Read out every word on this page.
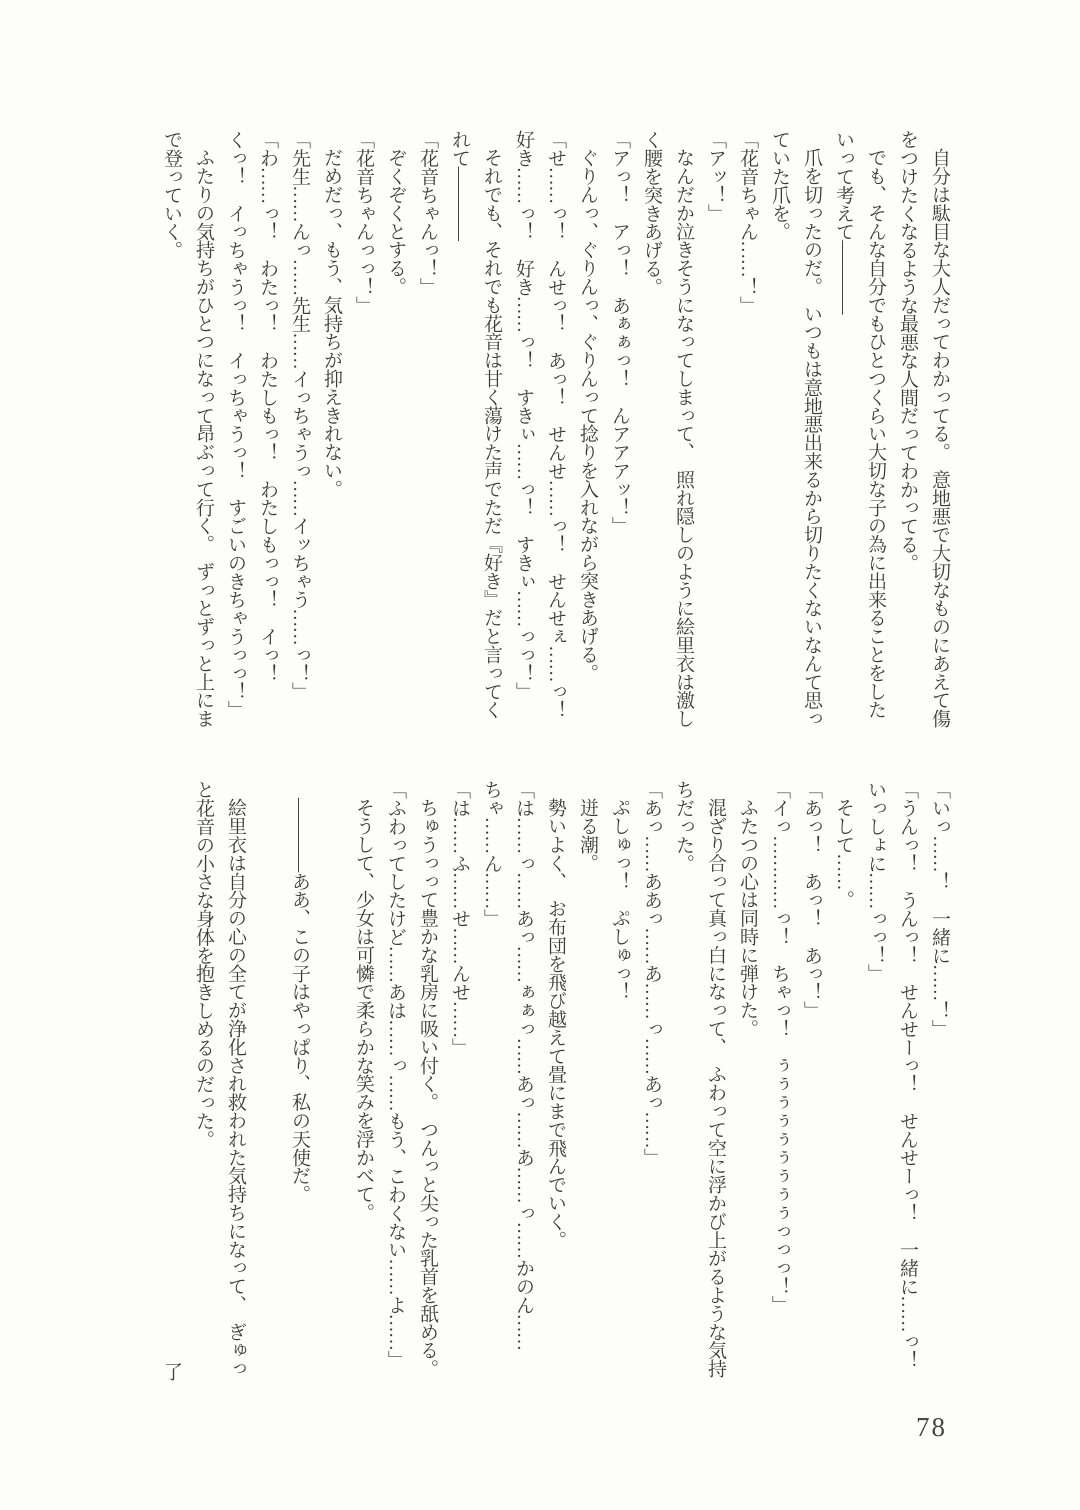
自分は駄目な大人だってわかってる。　意地悪で大切なものにあえて傷
をつけたくなるような最悪な人間だってわかってる。
でも、そんな自分でもひとつくらい大切な子の為に出来ることをした
いって考えて――――
爪を切ったのだ。　いつもは意地悪出来るから切りたくないなんて思っ
ていた爪を。
「花音ちゃん……！」
「アッ！」
なんだか泣きそうになってしまって、　照れ隠しのように絵里衣は激し
く腰を突きあげる。
「アっ！　アっ！　あぁぁっ！　んアアアッ！」
ぐりんっ、ぐりんっ、ぐりんって捻りを入れながら突きあげる。
「せ……っ！　んせっ！　あっ！　せんせ……っ！　せんせぇ……っ！
好き……っ！　好き……っ！　すきぃ……っ！　すきぃ……っっ！」
それでも、それでも花音は甘く蕩けた声でただ『好き』だと言ってく
れて――――
「花音ちゃんっ！」
ぞくぞくとする。
「花音ちゃんっっ！」
だめだっ、もう、気持ちが抑えきれない。
「先生……んっ……先生……イっちゃうっ……イッちゃう……っ！」
「わ……っ！　わたっ！　わたしもっ！　わたしもっっ！　イっ！
くっ！　イっちゃうっ！　イっちゃうっ！　すごいのきちゃうっっ！」
ふたりの気持ちがひとつになって昂ぶって行く。　ずっとずっと上にま
で登っていく。
「いっ……！　一緒に……！」
「うんっ！　うんっ！　せんせーっ！　せんせーっ！　一緒に……っ！
いっしょに……っっ！」
そして……。
「あっ！　あっ！　あっ！」
「イっ…………っ！　ちゃっ！　ぅぅぅぅぅぅぅぅぅっっっ！」
ふたつの心は同時に弾けた。
混ざり合って真っ白になって、　ふわって空に浮かび上がるような気持
ちだった。
「あっ……ああっ……あ……っ……あっ……」
ぷしゅっ！　ぷしゅっ！
迸る潮。
勢いよく、　お布団を飛び越えて畳にまで飛んでいく。
「は……っ……あっ……ぁぁっ……あっ……あ……っ……かのん……
ちゃ……ん……」
「は……ふ……せ……んせ……」
ちゅうっって豊かな乳房に吸い付く。　つんっと尖った乳首を舐める。
「ふわってしたけど……あは……っ……もう、こわくない……よ……」
そうして、少女は可憐で柔らかな笑みを浮かべて。
――――ああ、この子はやっぱり、私の天使だ。
絵里衣は自分の心の全てが浄化され救われた気持ちになって、　ぎゅっ
と花音の小さな身体を抱きしめるのだった。
了
78
